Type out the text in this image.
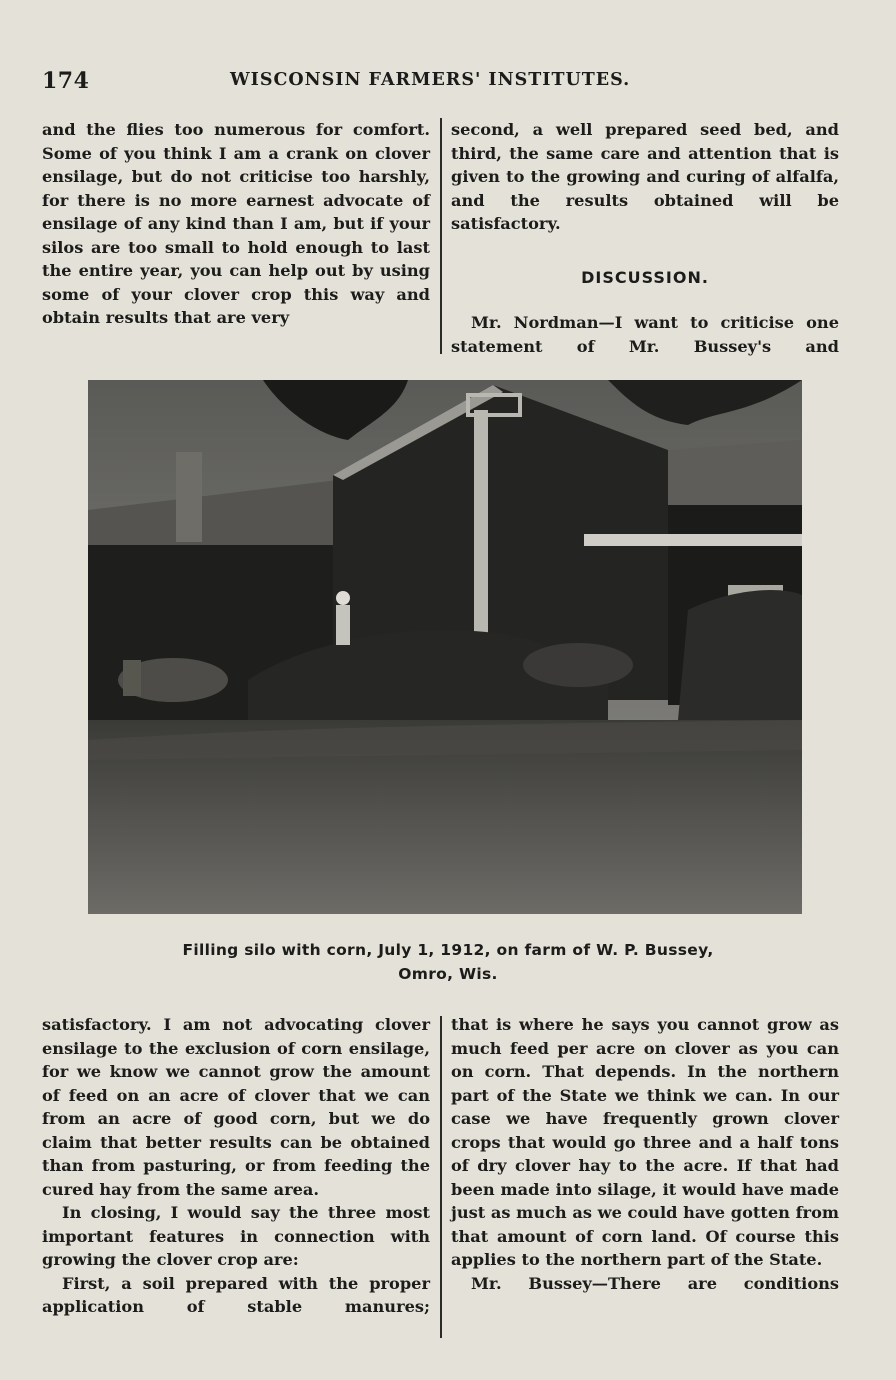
174	WISCONSIN FARMERS' INSTITUTES.

and the flies too numerous for comfort. Some of you think I am a crank on clover ensilage, but do not criticise too harshly, for there is no more earnest advocate of ensilage of any kind than I am, but if your silos are too small to hold enough to last the entire year, you can help out by using some of your clover crop this way and obtain results that are very

second, a well prepared seed bed, and third, the same care and attention that is given to the growing and curing of alfalfa, and the results obtained will be satisfactory.

DISCUSSION.

Mr. Nordman—I want to criticise one statement of Mr. Bussey's and

Filling silo with corn, July 1, 1912, on farm of W. P. Bussey,
Omro, Wis.

satisfactory. I am not advocating clover ensilage to the exclusion of corn ensilage, for we know we cannot grow the amount of feed on an acre of clover that we can from an acre of good corn, but we do claim that better results can be obtained than from pasturing, or from feeding the cured hay from the same area.

In closing, I would say the three most important features in connection with growing the clover crop are:

First, a soil prepared with the proper application of stable manures;

that is where he says you cannot grow as much feed per acre on clover as you can on corn. That depends. In the northern part of the State we think we can. In our case we have frequently grown clover crops that would go three and a half tons of dry clover hay to the acre. If that had been made into silage, it would have made just as much as we could have gotten from that amount of corn land. Of course this applies to the northern part of the State.

Mr. Bussey—There are conditions
